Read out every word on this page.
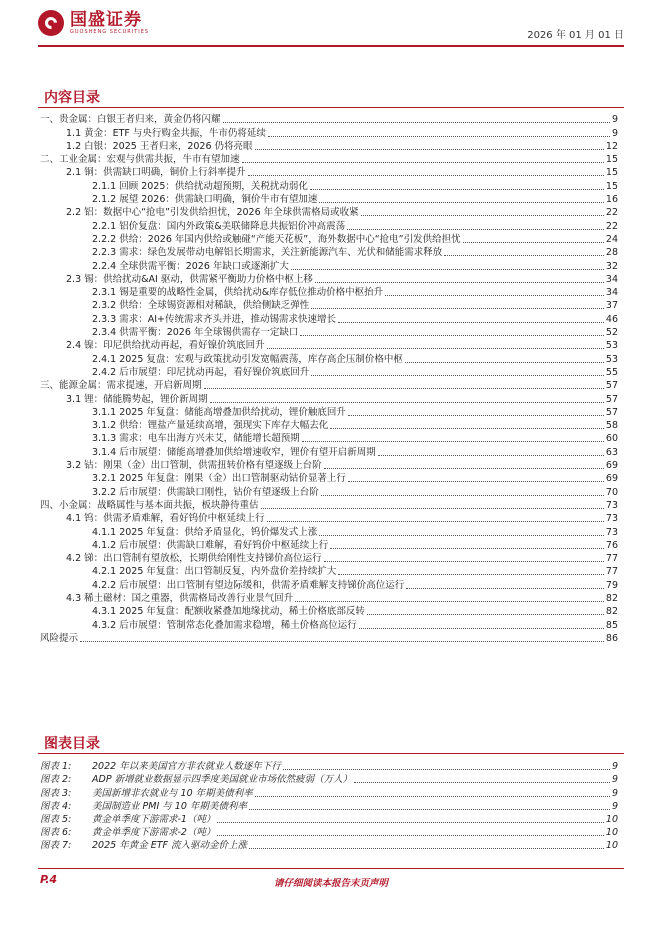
国盛证券
GUOSHENG SECURITIES	2026 年 01 月 01 日
内容目录
一、贵金属：白银王者归来，黄金仍将闪耀	9
1.1 黄金：ETF 与央行购金共振，牛市仍将延续	9
1.2 白银：2025 王者归来，2026 仍将亮眼	12
二、工业金属：宏观与供需共振，牛市有望加速	15
2.1 铜：供需缺口明确，铜价上行斜率提升	15
2.1.1 回顾 2025：供给扰动超预期，关税扰动弱化	15
2.1.2 展望 2026：供需缺口明确，铜价牛市有望加速	16
2.2 铝：数据中心“抢电”引发供给担忧，2026 年全球供需格局或收紧	22
2.2.1 铝价复盘：国内外政策&美联储降息共振铝价冲高震荡	22
2.2.2 供给：2026 年国内供给或触碰“产能天花板”，海外数据中心“抢电”引发供给担忧	24
2.2.3 需求：绿色发展带动电解铝长期需求，关注新能源汽车、光伏和储能需求释放	28
2.2.4 全球供需平衡：2026 年缺口或逐渐扩大	32
2.3 锡：供给扰动&AI 驱动，供需紧平衡助力价格中枢上移	34
2.3.1 锡是重要的战略性金属，供给扰动&库存低位推动价格中枢抬升	34
2.3.2 供给：全球锡资源相对稀缺，供给侧缺乏弹性	37
2.3.3 需求：AI+传统需求齐头并进，推动锡需求快速增长	46
2.3.4 供需平衡：2026 年全球锡供需存一定缺口	52
2.4 镍：印尼供给扰动再起，看好镍价筑底回升	53
2.4.1 2025 复盘：宏观与政策扰动引发宽幅震荡，库存高企压制价格中枢	53
2.4.2 后市展望：印尼扰动再起，看好镍价筑底回升	55
三、能源金属：需求提速，开启新周期	57
3.1 锂：储能腾势起，锂价新周期	57
3.1.1 2025 年复盘：储能高增叠加供给扰动，锂价触底回升	57
3.1.2 供给：锂盐产量延续高增，强现实下库存大幅去化	58
3.1.3 需求：电车出海方兴未艾，储能增长超预期	60
3.1.4 后市展望：储能高增叠加供给增速收窄，锂价有望开启新周期	63
3.2 钴：刚果（金）出口管制，供需扭转价格有望逐级上台阶	69
3.2.1 2025 年复盘：刚果（金）出口管制驱动钴价显著上行	69
3.2.2 后市展望：供需缺口刚性，钴价有望逐级上台阶	70
四、小金属：战略属性与基本面共振，板块静待重估	73
4.1 钨：供需矛盾难解，看好钨价中枢延续上行	73
4.1.1 2025 年复盘：供给矛盾显化，钨价爆发式上涨	73
4.1.2 后市展望：供需缺口难解，看好钨价中枢延续上行	76
4.2 锑：出口管制有望放松，长期供给刚性支持锑价高位运行	77
4.2.1 2025 年复盘：出口管制反复，内外盘价差持续扩大	77
4.2.2 后市展望：出口管制有望边际缓和，供需矛盾难解支持锑价高位运行	79
4.3 稀土磁材：国之重器，供需格局改善行业景气回升	82
4.3.1 2025 年复盘：配额收紧叠加地缘扰动，稀土价格底部反转	82
4.3.2 后市展望：管制常态化叠加需求稳增，稀土价格高位运行	85
风险提示	86
图表目录
图表 1:	2022 年以来美国官方非农就业人数逐年下行	9
图表 2:	ADP 新增就业数据显示四季度美国就业市场依然疲弱（万人）	9
图表 3:	美国新增非农就业与 10 年期美债利率	9
图表 4:	美国制造业 PMI 与 10 年期美债利率	9
图表 5:	黄金单季度下游需求-1（吨）	10
图表 6:	黄金单季度下游需求-2（吨）	10
图表 7:	2025 年黄金 ETF 流入驱动金价上涨	10
P.4	请仔细阅读本报告末页声明
